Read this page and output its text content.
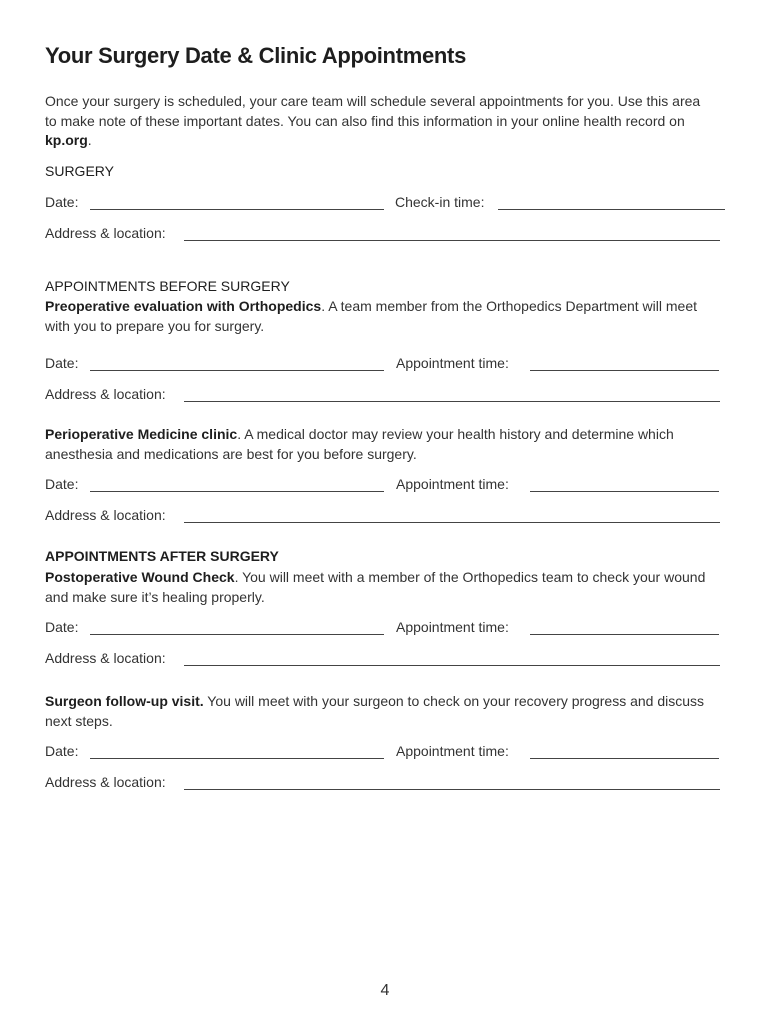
Your Surgery Date & Clinic Appointments

Once your surgery is scheduled, your care team will schedule several appointments for you. Use this area to make note of these important dates. You can also find this information in your online health record on kp.org.

SURGERY

Date:	Check-in time:
Address & location:

APPOINTMENTS BEFORE SURGERY

Preoperative evaluation with Orthopedics. A team member from the Orthopedics Department will meet with you to prepare you for surgery.

Date:	Appointment time:
Address & location:

Perioperative Medicine clinic. A medical doctor may review your health history and determine which anesthesia and medications are best for you before surgery.

Date:	Appointment time:
Address & location:

APPOINTMENTS AFTER SURGERY

Postoperative Wound Check. You will meet with a member of the Orthopedics team to check your wound and make sure it’s healing properly.

Date:	Appointment time:
Address & location:

Surgeon follow-up visit. You will meet with your surgeon to check on your recovery progress and discuss next steps.

Date:	Appointment time:
Address & location:
4
